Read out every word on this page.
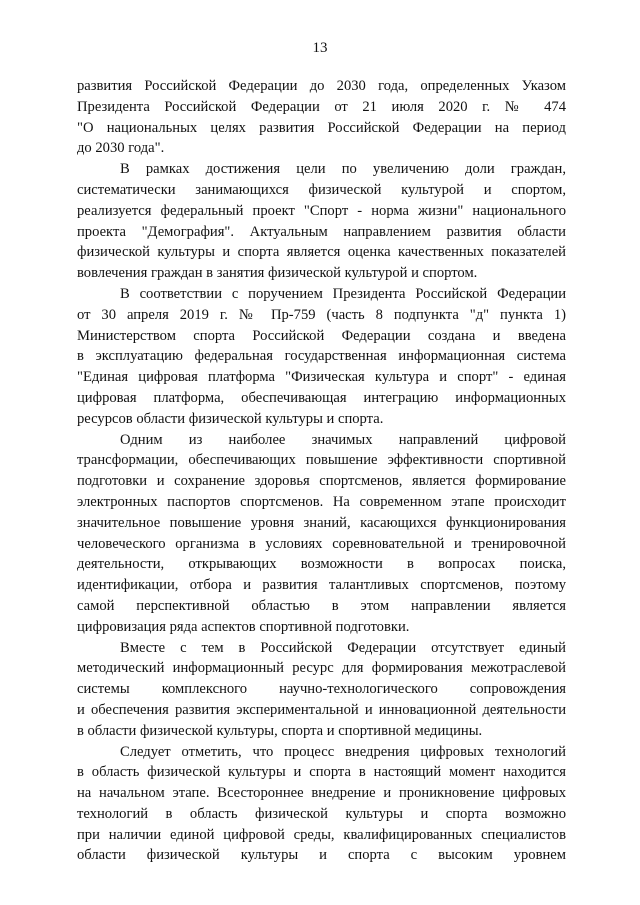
13
развития Российской Федерации до 2030 года, определенных Указом
Президента Российской Федерации от 21 июля 2020 г. № 474
"О национальных целях развития Российской Федерации на период
до 2030 года".
В рамках достижения цели по увеличению доли граждан,
систематически занимающихся физической культурой и спортом,
реализуется федеральный проект "Спорт - норма жизни" национального
проекта "Демография". Актуальным направлением развития области
физической культуры и спорта является оценка качественных показателей
вовлечения граждан в занятия физической культурой и спортом.
В соответствии с поручением Президента Российской Федерации
от 30 апреля 2019 г. № Пр-759 (часть 8 подпункта "д" пункта 1)
Министерством спорта Российской Федерации создана и введена
в эксплуатацию федеральная государственная информационная система
"Единая цифровая платформа "Физическая культура и спорт" - единая
цифровая платформа, обеспечивающая интеграцию информационных
ресурсов области физической культуры и спорта.
Одним из наиболее значимых направлений цифровой
трансформации, обеспечивающих повышение эффективности спортивной
подготовки и сохранение здоровья спортсменов, является формирование
электронных паспортов спортсменов. На современном этапе происходит
значительное повышение уровня знаний, касающихся функционирования
человеческого организма в условиях соревновательной и тренировочной
деятельности, открывающих возможности в вопросах поиска,
идентификации, отбора и развития талантливых спортсменов, поэтому
самой перспективной областью в этом направлении является
цифровизация ряда аспектов спортивной подготовки.
Вместе с тем в Российской Федерации отсутствует единый
методический информационный ресурс для формирования межотраслевой
системы комплексного научно-технологического сопровождения
и обеспечения развития экспериментальной и инновационной деятельности
в области физической культуры, спорта и спортивной медицины.
Следует отметить, что процесс внедрения цифровых технологий
в область физической культуры и спорта в настоящий момент находится
на начальном этапе. Всестороннее внедрение и проникновение цифровых
технологий в область физической культуры и спорта возможно
при наличии единой цифровой среды, квалифицированных специалистов
области физической культуры и спорта с высоким уровнем
